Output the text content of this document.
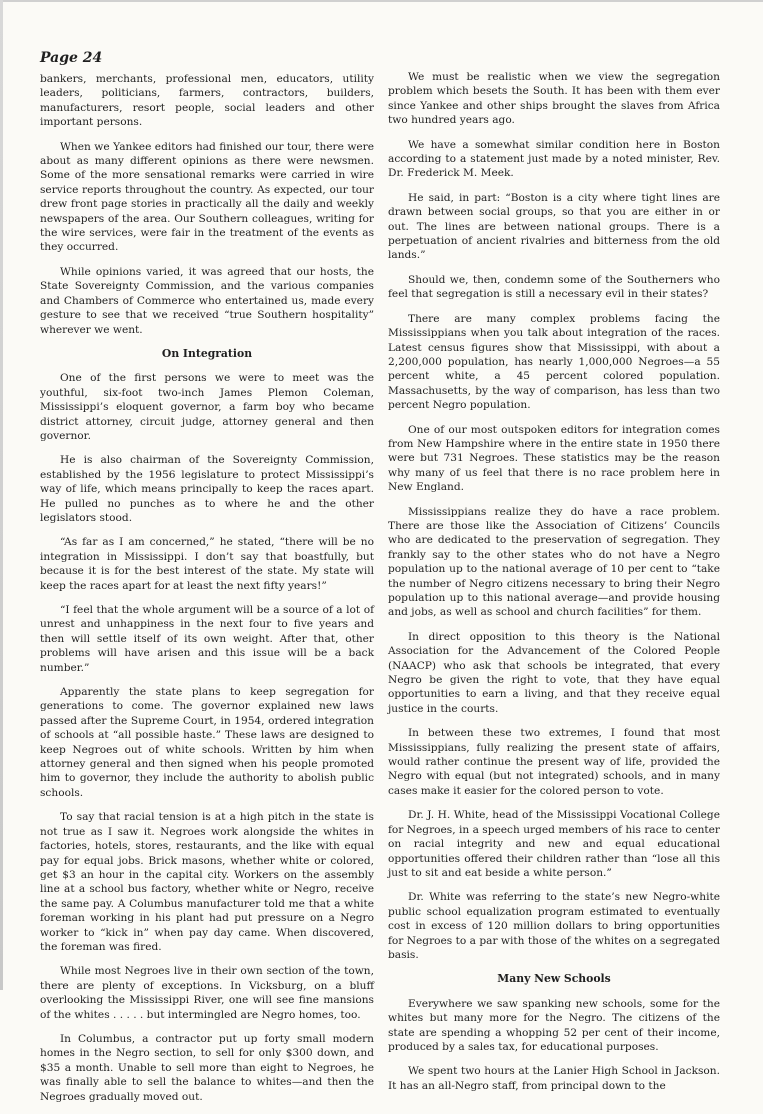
Page 24

bankers, merchants, professional men, educators, utility leaders, politicians, farmers, contractors, builders, manufacturers, resort people, social leaders and other important persons.

When we Yankee editors had finished our tour, there were about as many different opinions as there were newsmen. Some of the more sensational remarks were carried in wire service reports throughout the country. As expected, our tour drew front page stories in practically all the daily and weekly newspapers of the area. Our Southern colleagues, writing for the wire services, were fair in the treatment of the events as they occurred.

While opinions varied, it was agreed that our hosts, the State Sovereignty Commission, and the various companies and Chambers of Commerce who entertained us, made every gesture to see that we received “true Southern hospitality” wherever we went.

On Integration

One of the first persons we were to meet was the youthful, six-foot two-inch James Plemon Coleman, Mississippi’s eloquent governor, a farm boy who became district attorney, circuit judge, attorney general and then governor.

He is also chairman of the Sovereignty Commission, established by the 1956 legislature to protect Mississippi’s way of life, which means principally to keep the races apart. He pulled no punches as to where he and the other legislators stood.

“As far as I am concerned,” he stated, “there will be no integration in Mississippi. I don’t say that boastfully, but because it is for the best interest of the state. My state will keep the races apart for at least the next fifty years!”

“I feel that the whole argument will be a source of a lot of unrest and unhappiness in the next four to five years and then will settle itself of its own weight. After that, other problems will have arisen and this issue will be a back number.”

Apparently the state plans to keep segregation for generations to come. The governor explained new laws passed after the Supreme Court, in 1954, ordered integration of schools at “all possible haste.” These laws are designed to keep Negroes out of white schools. Written by him when attorney general and then signed when his people promoted him to governor, they include the authority to abolish public schools.

To say that racial tension is at a high pitch in the state is not true as I saw it. Negroes work alongside the whites in factories, hotels, stores, restaurants, and the like with equal pay for equal jobs. Brick masons, whether white or colored, get $3 an hour in the capital city. Workers on the assembly line at a school bus factory, whether white or Negro, receive the same pay. A Columbus manufacturer told me that a white foreman working in his plant had put pressure on a Negro worker to “kick in” when pay day came. When discovered, the foreman was fired.

While most Negroes live in their own section of the town, there are plenty of exceptions. In Vicksburg, on a bluff overlooking the Mississippi River, one will see fine mansions of the whites . . . . . but intermingled are Negro homes, too.

In Columbus, a contractor put up forty small modern homes in the Negro section, to sell for only $300 down, and $35 a month. Unable to sell more than eight to Negroes, he was finally able to sell the balance to whites—and then the Negroes gradually moved out.

We must be realistic when we view the segregation problem which besets the South. It has been with them ever since Yankee and other ships brought the slaves from Africa two hundred years ago.

We have a somewhat similar condition here in Boston according to a statement just made by a noted minister, Rev. Dr. Frederick M. Meek.

He said, in part: “Boston is a city where tight lines are drawn between social groups, so that you are either in or out. The lines are between national groups. There is a perpetuation of ancient rivalries and bitterness from the old lands.”

Should we, then, condemn some of the Southerners who feel that segregation is still a necessary evil in their states?

There are many complex problems facing the Mississippians when you talk about integration of the races. Latest census figures show that Mississippi, with about a 2,200,000 population, has nearly 1,000,000 Negroes—a 55 percent white, a 45 percent colored population. Massachusetts, by the way of comparison, has less than two percent Negro population.

One of our most outspoken editors for integration comes from New Hampshire where in the entire state in 1950 there were but 731 Negroes. These statistics may be the reason why many of us feel that there is no race problem here in New England.

Mississippians realize they do have a race problem. There are those like the Association of Citizens’ Councils who are dedicated to the preservation of segregation. They frankly say to the other states who do not have a Negro population up to the national average of 10 per cent to “take the number of Negro citizens necessary to bring their Negro population up to this national average—and provide housing and jobs, as well as school and church facilities” for them.

In direct opposition to this theory is the National Association for the Advancement of the Colored People (NAACP) who ask that schools be integrated, that every Negro be given the right to vote, that they have equal opportunities to earn a living, and that they receive equal justice in the courts.

In between these two extremes, I found that most Mississippians, fully realizing the present state of affairs, would rather continue the present way of life, provided the Negro with equal (but not integrated) schools, and in many cases make it easier for the colored person to vote.

Dr. J. H. White, head of the Mississippi Vocational College for Negroes, in a speech urged members of his race to center on racial integrity and new and equal educational opportunities offered their children rather than “lose all this just to sit and eat beside a white person.”

Dr. White was referring to the state’s new Negro-white public school equalization program estimated to eventually cost in excess of 120 million dollars to bring opportunities for Negroes to a par with those of the whites on a segregated basis.

Many New Schools

Everywhere we saw spanking new schools, some for the whites but many more for the Negro. The citizens of the state are spending a whopping 52 per cent of their income, produced by a sales tax, for educational purposes.

We spent two hours at the Lanier High School in Jackson. It has an all-Negro staff, from principal down to the
